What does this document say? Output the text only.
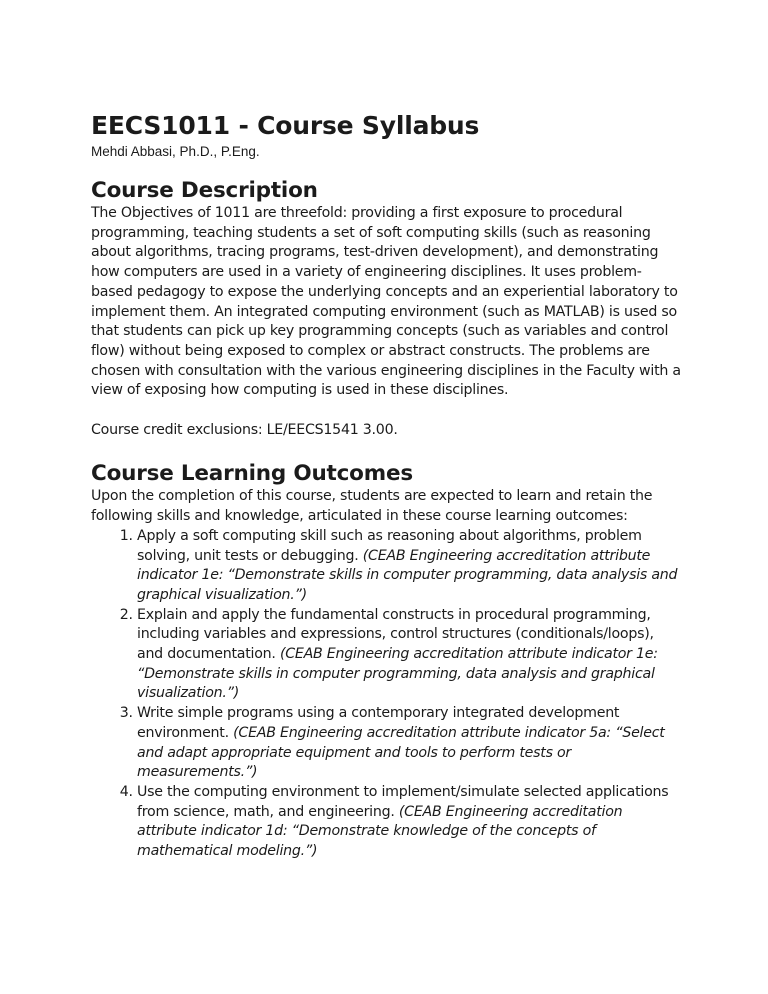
EECS1011 - Course Syllabus
Mehdi Abbasi, Ph.D., P.Eng.
Course Description

The Objectives of 1011 are threefold: providing a first exposure to procedural programming, teaching students a set of soft computing skills (such as reasoning about algorithms, tracing programs, test-driven development), and demonstrating how computers are used in a variety of engineering disciplines. It uses problem-based pedagogy to expose the underlying concepts and an experiential laboratory to implement them. An integrated computing environment (such as MATLAB) is used so that students can pick up key programming concepts (such as variables and control flow) without being exposed to complex or abstract constructs. The problems are chosen with consultation with the various engineering disciplines in the Faculty with a view of exposing how computing is used in these disciplines.

Course credit exclusions: LE/EECS1541 3.00.

Course Learning Outcomes

Upon the completion of this course, students are expected to learn and retain the following skills and knowledge, articulated in these course learning outcomes:

1. Apply a soft computing skill such as reasoning about algorithms, problem solving, unit tests or debugging. (CEAB Engineering accreditation attribute indicator 1e: “Demonstrate skills in computer programming, data analysis and graphical visualization.”)
2. Explain and apply the fundamental constructs in procedural programming, including variables and expressions, control structures (conditionals/loops), and documentation. (CEAB Engineering accreditation attribute indicator 1e: “Demonstrate skills in computer programming, data analysis and graphical visualization.”)
3. Write simple programs using a contemporary integrated development environment. (CEAB Engineering accreditation attribute indicator 5a: “Select and adapt appropriate equipment and tools to perform tests or measurements.”)
4. Use the computing environment to implement/simulate selected applications from science, math, and engineering. (CEAB Engineering accreditation attribute indicator 1d: “Demonstrate knowledge of the concepts of mathematical modeling.”)
